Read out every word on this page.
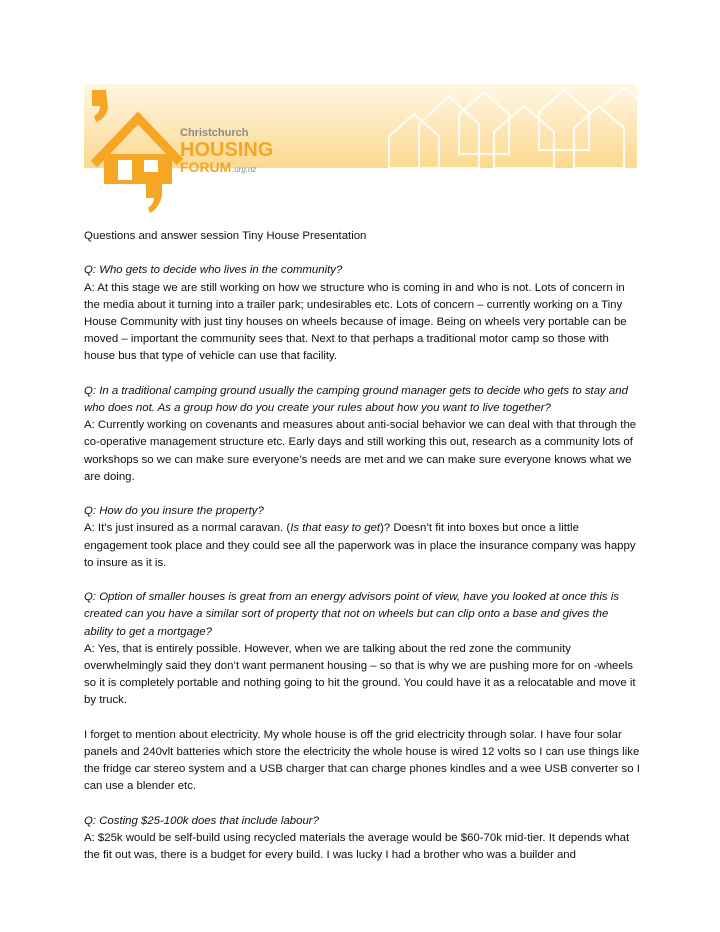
Christchurch
HOUSING
FORUM .org.nz

Questions and answer session Tiny House Presentation

Q: Who gets to decide who lives in the community?
A: At this stage we are still working on how we structure who is coming in and who is not. Lots of concern in the media about it turning into a trailer park; undesirables etc. Lots of concern – currently working on a Tiny House Community with just tiny houses on wheels because of image. Being on wheels very portable can be moved – important the community sees that. Next to that perhaps a traditional motor camp so those with house bus that type of vehicle can use that facility.

Q: In a traditional camping ground usually the camping ground manager gets to decide who gets to stay and who does not. As a group how do you create your rules about how you want to live together?
A: Currently working on covenants and measures about anti-social behavior we can deal with that through the co-operative management structure etc. Early days and still working this out, research as a community lots of workshops so we can make sure everyone’s needs are met and we can make sure everyone knows what we are doing.

Q: How do you insure the property?
A: It’s just insured as a normal caravan. (Is that easy to get)? Doesn’t fit into boxes but once a little engagement took place and they could see all the paperwork was in place the insurance company was happy to insure as it is.

Q: Option of smaller houses is great from an energy advisors point of view, have you looked at once this is created can you have a similar sort of property that not on wheels but can clip onto a base and gives the ability to get a mortgage?
A: Yes, that is entirely possible. However, when we are talking about the red zone the community overwhelmingly said they don’t want permanent housing – so that is why we are pushing more for on -wheels so it is completely portable and nothing going to hit the ground. You could have it as a relocatable and move it by truck.

I forget to mention about electricity. My whole house is off the grid electricity through solar. I have four solar panels and 240vlt batteries which store the electricity the whole house is wired 12 volts so I can use things like the fridge car stereo system and a USB charger that can charge phones kindles and a wee USB converter so I can use a blender etc.

Q: Costing $25-100k does that include labour?
A: $25k would be self-build using recycled materials the average would be $60-70k mid-tier. It depends what the fit out was, there is a budget for every build. I was lucky I had a brother who was a builder and
